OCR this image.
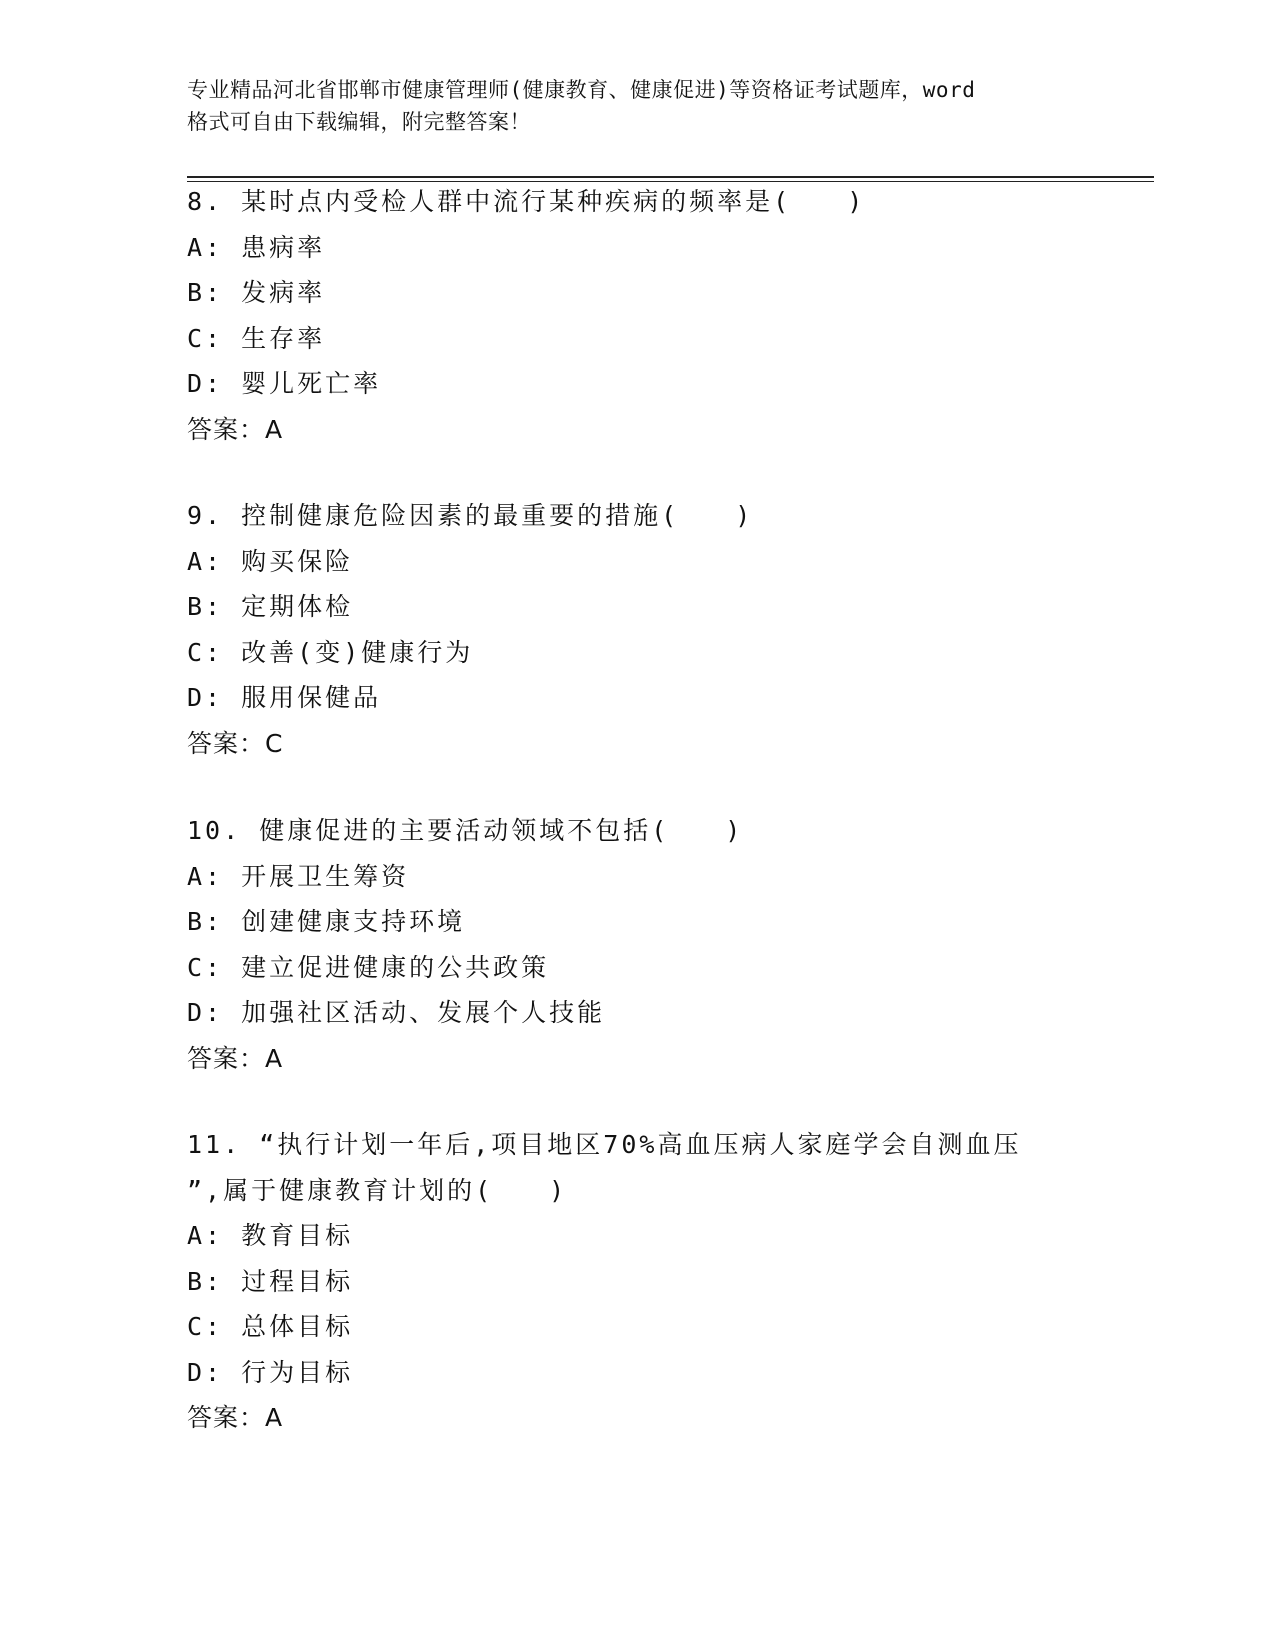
专业精品河北省邯郸市健康管理师(健康教育、健康促进)等资格证考试题库，word
格式可自由下载编辑，附完整答案！
8. 某时点内受检人群中流行某种疾病的频率是(　　)
A: 患病率
B: 发病率
C: 生存率
D: 婴儿死亡率
答案：A
9. 控制健康危险因素的最重要的措施(　　)
A: 购买保险
B: 定期体检
C: 改善(变)健康行为
D: 服用保健品
答案：C
10. 健康促进的主要活动领域不包括(　　)
A: 开展卫生筹资
B: 创建健康支持环境
C: 建立促进健康的公共政策
D: 加强社区活动、发展个人技能
答案：A
11. “执行计划一年后,项目地区70%高血压病人家庭学会自测血压
”,属于健康教育计划的(　　)
A: 教育目标
B: 过程目标
C: 总体目标
D: 行为目标
答案：A
